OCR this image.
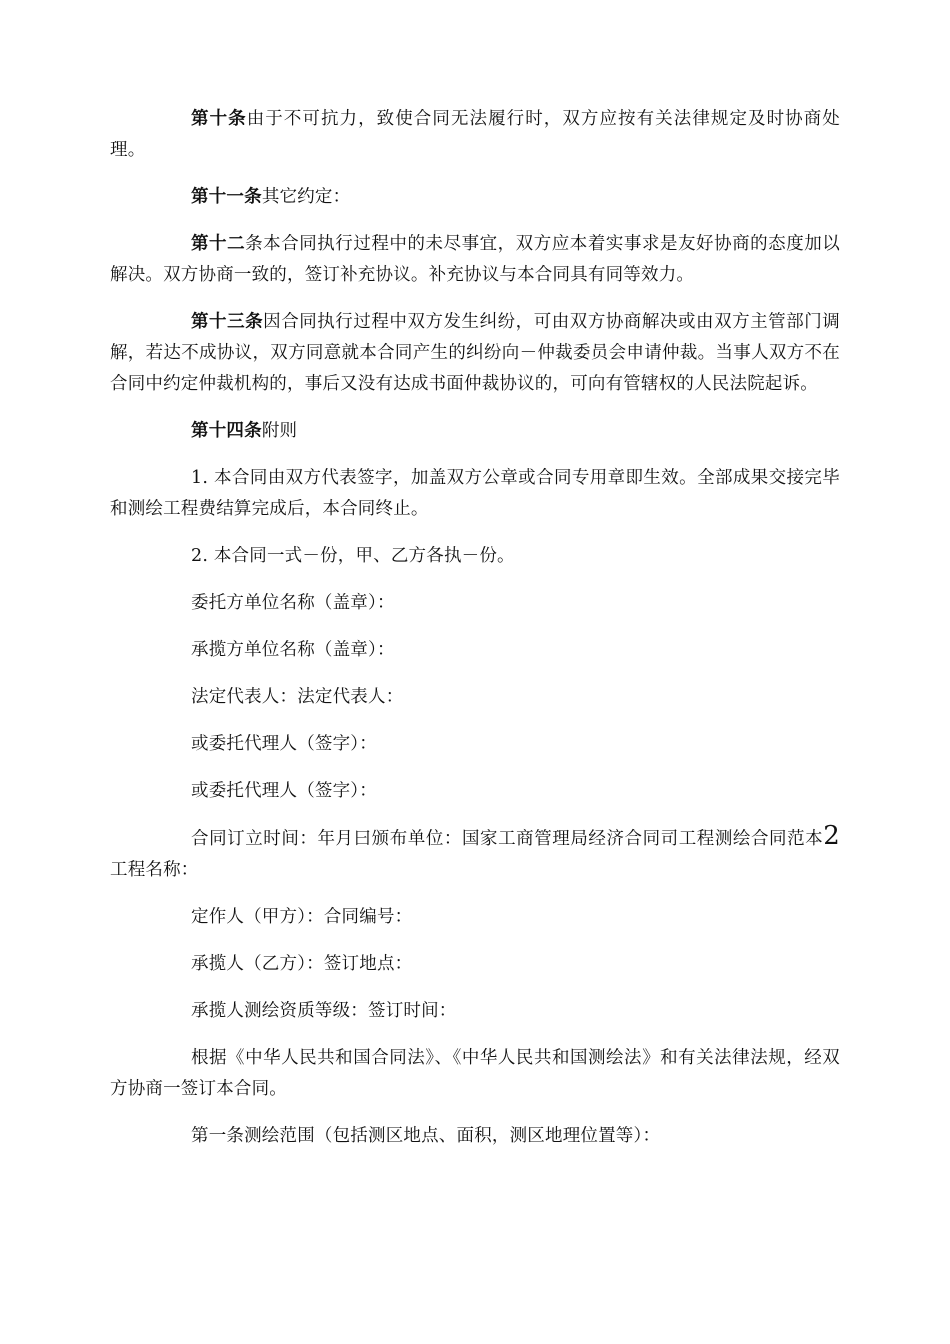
第十条由于不可抗力，致使合同无法履行时，双方应按有关法律规定及时协商处理。

第十一条其它约定：

第十二条本合同执行过程中的未尽事宜，双方应本着实事求是友好协商的态度加以解决。双方协商一致的，签订补充协议。补充协议与本合同具有同等效力。

第十三条因合同执行过程中双方发生纠纷，可由双方协商解决或由双方主管部门调解，若达不成协议，双方同意就本合同产生的纠纷向－仲裁委员会申请仲裁。当事人双方不在合同中约定仲裁机构的，事后又没有达成书面仲裁协议的，可向有管辖权的人民法院起诉。

第十四条附则

1. 本合同由双方代表签字，加盖双方公章或合同专用章即生效。全部成果交接完毕和测绘工程费结算完成后，本合同终止。

2. 本合同一式－份，甲、乙方各执－份。

委托方单位名称（盖章）：

承揽方单位名称（盖章）：

法定代表人：法定代表人：

或委托代理人（签字）：

或委托代理人（签字）：

合同订立时间：年月曰颁布单位：国家工商管理局经济合同司工程测绘合同范本2工程名称：

定作人（甲方）：合同编号：

承揽人（乙方）：签订地点：

承揽人测绘资质等级：签订时间：

根据《中华人民共和国合同法》、《中华人民共和国测绘法》和有关法律法规，经双方协商一签订本合同。

第一条测绘范围（包括测区地点、面积，测区地理位置等）：
